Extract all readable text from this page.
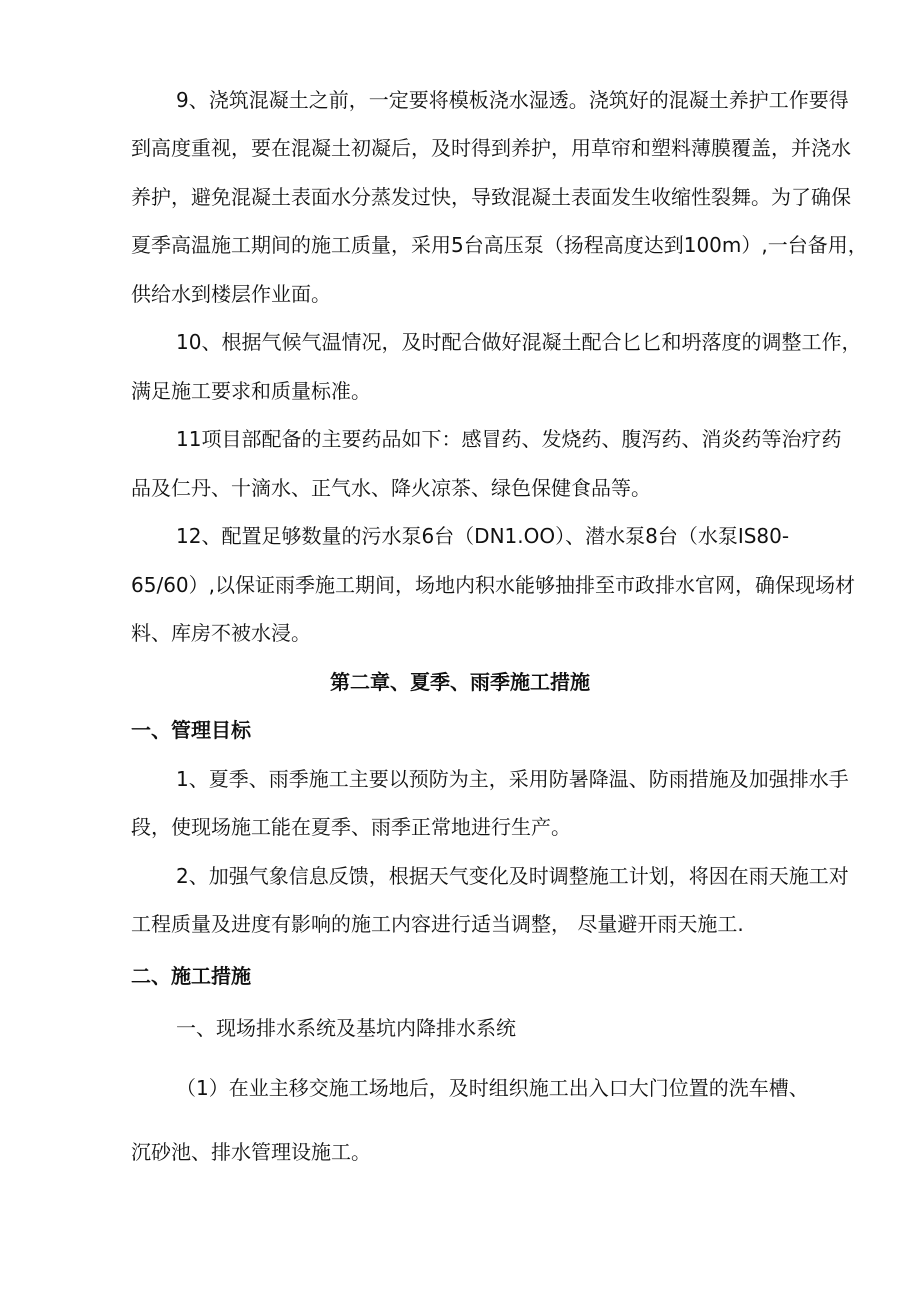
9、浇筑混凝土之前，一定要将模板浇水湿透。浇筑好的混凝土养护工作要得
到高度重视，要在混凝土初凝后，及时得到养护，用草帘和塑料薄膜覆盖，并浇水
养护，避免混凝土表面水分蒸发过快，导致混凝土表面发生收缩性裂舞。为了确保
夏季高温施工期间的施工质量，采用5台高压泵（扬程高度达到100m）,一台备用，
供给水到楼层作业面。
10、根据气候气温情况，及时配合做好混凝土配合匕匕和坍落度的调整工作，
满足施工要求和质量标准。
11项目部配备的主要药品如下：感冒药、发烧药、腹泻药、消炎药等治疗药
品及仁丹、十滴水、正气水、降火凉茶、绿色保健食品等。
12、配置足够数量的污水泵6台（DN1.OO）、潜水泵8台（水泵IS80-
65/60）,以保证雨季施工期间，场地内积水能够抽排至市政排水官网，确保现场材
料、库房不被水浸。
第二章、夏季、雨季施工措施
一、管理目标
1、夏季、雨季施工主要以预防为主，采用防暑降温、防雨措施及加强排水手
段，使现场施工能在夏季、雨季正常地进行生产。
2、加强气象信息反馈，根据天气变化及时调整施工计划，将因在雨天施工对
工程质量及进度有影响的施工内容进行适当调整， 尽量避开雨天施工.
二、施工措施
一、现场排水系统及基坑内降排水系统
（1）在业主移交施工场地后，及时组织施工出入口大门位置的洗车槽、
沉砂池、排水管理设施工。
